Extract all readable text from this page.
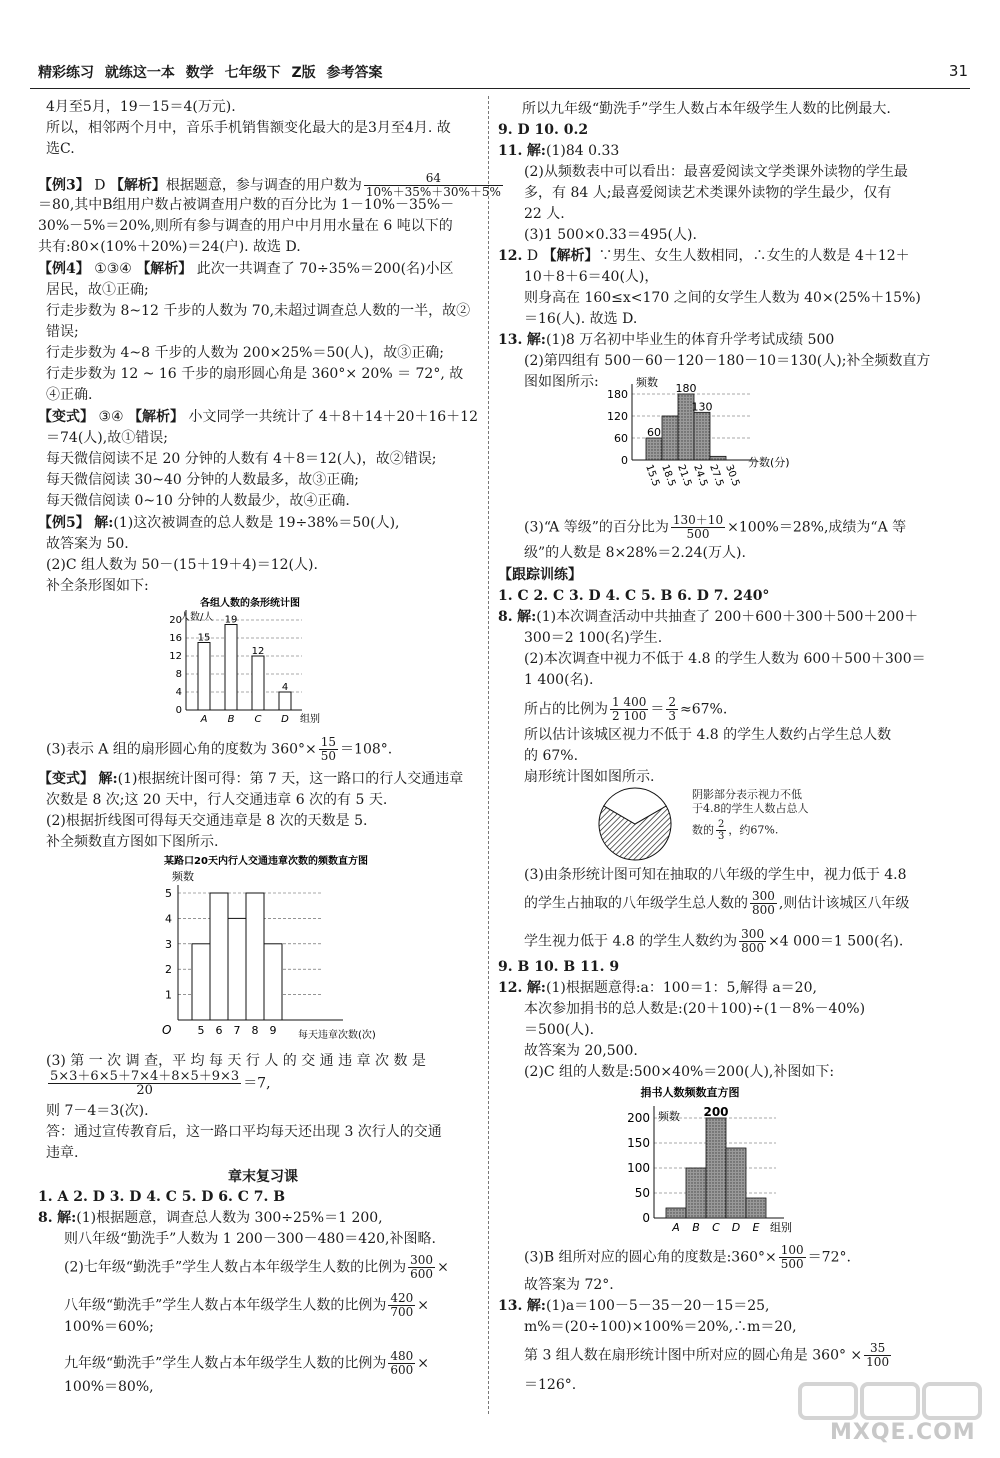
精彩练习 就练这一本 数学 七年级下 Z版 参考答案	31
4月至5月，19－15＝4(万元).
所以，相邻两个月中，音乐手机销售额变化最大的是3月至4月. 故
选C.
【例3】 D 【解析】根据题意，参与调查的用户数为 $\frac{64}{10\%+35\%+30\%+5\%}$
＝80,其中B组用户数占被调查用户数的百分比为 1－10%－35%－
30%－5%＝20%,则所有参与调查的用户中月用水量在 6 吨以下的
共有:80×(10%＋20%)＝24(户). 故选 D.
【例4】 ①③④ 【解析】 此次一共调查了 70÷35%＝200(名)小区
居民，故①正确;
行走步数为 8~12 千步的人数为 70,未超过调查总人数的一半，故②
错误;
行走步数为 4~8 千步的人数为 200×25%＝50(人)，故③正确;
行走步数为 12 ~ 16 千步的扇形圆心角是 360°× 20% ＝ 72°, 故
④正确.
【变式】 ③④ 【解析】 小文同学一共统计了 4＋8＋14＋20＋16＋12
＝74(人),故①错误;
每天微信阅读不足 20 分钟的人数有 4＋8＝12(人)，故②错误;
每天微信阅读 30~40 分钟的人数最多，故③正确;
每天微信阅读 0~10 分钟的人数最少，故④正确.
【例5】 解:(1)这次被调查的总人数是 19÷38%＝50(人),
故答案为 50.
(2)C 组人数为 50－(15＋19＋4)＝12(人).
补全条形图如下:
各组人数的条形统计图
人数/人
0
4
8
12
16
20
15
A
19
B
12
C
4
D 组别
(3)表示 A 组的扇形圆心角的度数为 $360^\circ\times \frac{15}{50} =108^\circ$.
【变式】 解:(1)根据统计图可得：第 7 天，这一路口的行人交通违章
次数是 8 次;这 20 天中，行人交通违章 6 次的有 5 天.
(2)根据折线图可得每天交通违章是 8 次的天数是 5.
补全频数直方图如下图所示.
某路口20天内行人交通违章次数的频数直方图
频数
1
2
3
4
5
O 5 6 7 8 9 每天违章次数(次)
(3) 第 一 次 调 查，平 均 每 天 行 人 的 交 通 违 章 次 数 是
$\frac{5\times 3+6\times 5+7\times 4+8\times 5+9\times 3}{20} =7$,
则 7－4＝3(次).
答：通过宣传教育后，这一路口平均每天还出现 3 次行人的交通
违章.
章末复习课
1. A 2. D 3. D 4. C 5. D 6. C 7. B
8. 解:(1)根据题意，调查总人数为 300÷25%＝1 200,
则八年级“勤洗手”人数为 1 200－300－480＝420,补图略.
(2)七年级“勤洗手”学生人数占本年级学生人数的比例为 $\frac{300}{600}$ ×
八年级“勤洗手”学生人数占本年级学生人数的比例为 $\frac{420}{700}$ ×
100%＝60%;
九年级“勤洗手”学生人数占本年级学生人数的比例为 $\frac{480}{600}$ ×
100%＝80%,
所以九年级“勤洗手”学生人数占本年级学生人数的比例最大.
9. D 10. 0.2
11. 解:(1)84 0.33
(2)从频数表中可以看出：最喜爱阅读文学类课外读物的学生最
多，有 84 人;最喜爱阅读艺术类课外读物的学生最少，仅有
22 人.
(3)1 500×0.33＝495(人).
12. D 【解析】∵男生、女生人数相同，∴女生的人数是 4＋12＋
10＋8＋6＝40(人)，
则身高在 160≤x<170 之间的女学生人数为 40×(25%＋15%)
＝16(人). 故选 D.
13. 解:(1)8 万名初中毕业生的体育升学考试成绩 500
(2)第四组有 500－60－120－180－10＝130(人);补全频数直方
图如图所示:	频数
0
60
120
180
60
180
130
15.5
18.5
21.5
24.5
27.5
30.5
分数(分)
(3)“A 等级”的百分比为 $\frac{130+10}{500} \times 100\%=28\%$,成绩为“A 等
级”的人数是 8×28%＝2.24(万人).
【跟踪训练】
1. C 2. C 3. D 4. C 5. B 6. D 7. 240°
8. 解:(1)本次调查活动中共抽查了 200＋600＋300＋500＋200＋
300＝2 100(名)学生.
(2)本次调查中视力不低于 4.8 的学生人数为 600＋500＋300＝
1 400(名).
所占的比例为 $\frac{1 400}{2 100} = \frac{2}{3} \approx 67\%$.
所以估计该城区视力不低于 4.8 的学生人数约占学生总人数
的 67%.
扇形统计图如图所示.
阴影部分表示视力不低
于4.8的学生人数占总人
数的 $\frac{2}{3}$ ，约67%.
(3)由条形统计图可知在抽取的八年级的学生中，视力低于 4.8
的学生占抽取的八年级学生总人数的 $\frac{300}{800}$ ,则估计该城区八年级
学生视力低于 4.8 的学生人数约为 $\frac{300}{800} \times 4$ 000＝1 500(名).
9. B 10. B 11. 9
12. 解:(1)根据题意得:a：100＝1：5,解得 a＝20,
本次参加捐书的总人数是:(20＋100)÷(1－8%－40%)
＝500(人).
故答案为 20,500.
(2)C 组的人数是:500×40%＝200(人),补图如下:
捐书人数频数直方图
频数
0
50
100
150
200
A B
200
C D E 组别
(3)B 组所对应的圆心角的度数是:360°× $\frac{100}{500} =72^\circ$.
故答案为 72°.
13. 解:(1)a＝100－5－35－20－15＝25,
m%＝(20÷100)×100%＝20%,∴m＝20,
第 3 组人数在扇形统计图中所对应的圆心角是 $360^\circ \times \frac{35}{100}$
＝126°.
MXQE.COM
